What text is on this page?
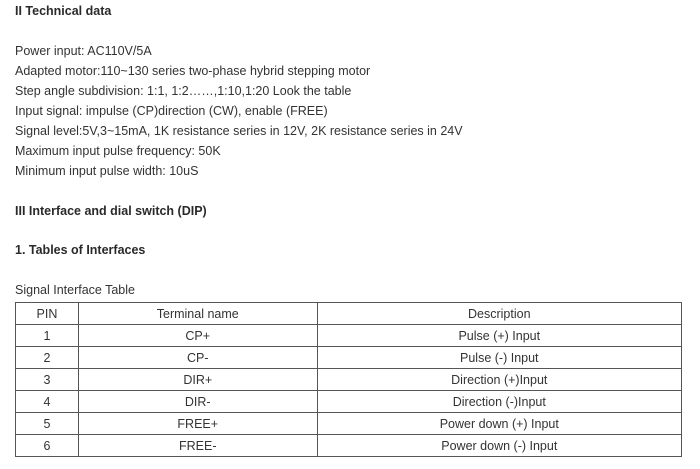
II Technical data
Power input: AC110V/5A
Adapted motor:110~130 series two-phase hybrid stepping motor
Step angle subdivision: 1:1, 1:2……,1:10,1:20 Look the table
Input signal: impulse (CP)direction (CW), enable (FREE)
Signal level:5V,3~15mA, 1K resistance series in 12V, 2K resistance series in 24V
Maximum input pulse frequency: 50K
Minimum input pulse width: 10uS
III Interface and dial switch (DIP)
1. Tables of Interfaces
Signal Interface Table
PIN	Terminal name	Description
1	CP+	Pulse (+) Input
2	CP-	Pulse (-) Input
3	DIR+	Direction (+)Input
4	DIR-	Direction (-)Input
5	FREE+	Power down (+) Input
6	FREE-	Power down (-) Input
